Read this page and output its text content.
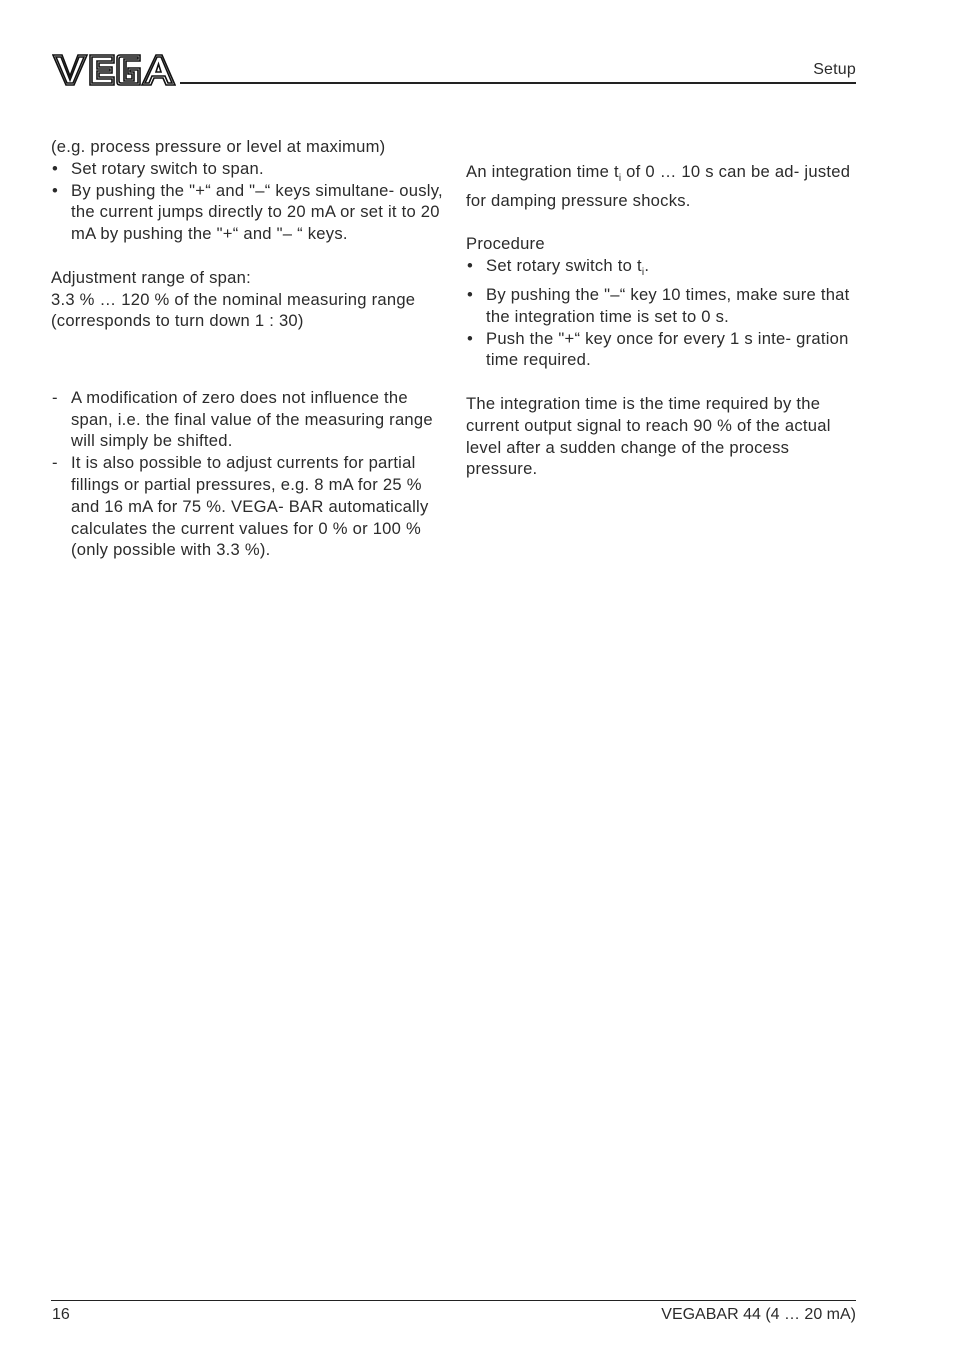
Setup

(e.g. process pressure or level at maximum)

• Set rotary switch to span.

• By pushing the "+“ and "–“ keys simultane- ously, the current jumps directly to 20 mA or set it to 20 mA by pushing the "+“ and "– “ keys.

Adjustment range of span:

3.3 % … 120 % of the nominal measuring range (corresponds to turn down 1 : 30)

- A modification of zero does not influence the span, i.e. the final value of the measuring range will simply be shifted.

- It is also possible to adjust currents for partial fillings or partial pressures, e.g. 8 mA for 25 % and 16 mA for 75 %. VEGA- BAR automatically calculates the current values for 0 % or 100 % (only possible with 3.3 %).

An integration time $t_i$ of 0 … 10 s can be ad- justed for damping pressure shocks.

Procedure

• Set rotary switch to $t_i$.

• By pushing the "–“ key 10 times, make sure that the integration time is set to 0 s.

• Push the "+“ key once for every 1 s inte- gration time required.

The integration time is the time required by the current output signal to reach 90 % of the actual level after a sudden change of the process pressure.

16	VEGABAR 44 (4 … 20 mA)
